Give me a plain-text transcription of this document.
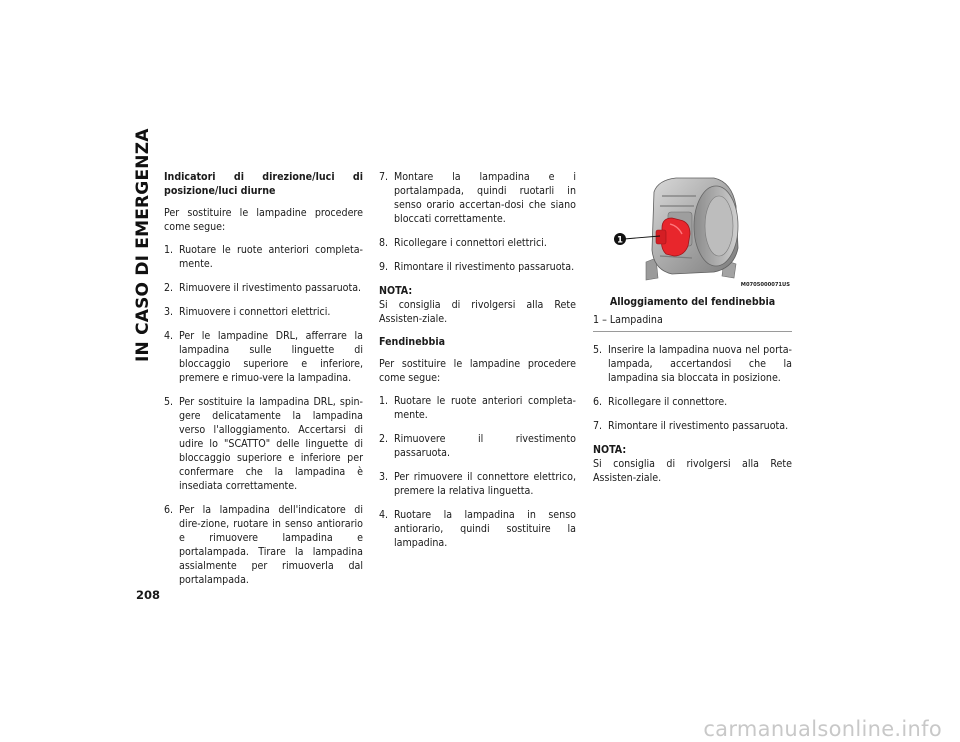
IN CASO DI EMERGENZA
208

Indicatori di direzione/luci di posizione/luci diurne

Per sostituire le lampadine procedere come segue:

1. Ruotare le ruote anteriori completa-mente.
2. Rimuovere il rivestimento passaruota.
3. Rimuovere i connettori elettrici.
4. Per le lampadine DRL, afferrare la lampadina sulle linguette di bloccaggio superiore e inferiore, premere e rimuo-vere la lampadina.
5. Per sostituire la lampadina DRL, spin-gere delicatamente la lampadina verso l'alloggiamento. Accertarsi di udire lo "SCATTO" delle linguette di bloccaggio superiore e inferiore per confermare che la lampadina è insediata correttamente.
6. Per la lampadina dell'indicatore di dire-zione, ruotare in senso antiorario e rimuovere lampadina e portalampada. Tirare la lampadina assialmente per rimuoverla dal portalampada.
7. Montare la lampadina e i portalampada, quindi ruotarli in senso orario accertan-dosi che siano bloccati correttamente.
8. Ricollegare i connettori elettrici.
9. Rimontare il rivestimento passaruota.

NOTA:
Si consiglia di rivolgersi alla Rete Assisten-ziale.

Fendinebbia

Per sostituire le lampadine procedere come segue:

1. Ruotare le ruote anteriori completa-mente.
2. Rimuovere il rivestimento passaruota.
3. Per rimuovere il connettore elettrico, premere la relativa linguetta.
4. Ruotare la lampadina in senso antiorario, quindi sostituire la lampadina.
1
M0705000071US
Alloggiamento del fendinebbia
1 – Lampadina
5. Inserire la lampadina nuova nel porta-lampada, accertandosi che la lampadina sia bloccata in posizione.
6. Ricollegare il connettore.
7. Rimontare il rivestimento passaruota.

NOTA:
Si consiglia di rivolgersi alla Rete Assisten-ziale.

carmanualsonline.info
